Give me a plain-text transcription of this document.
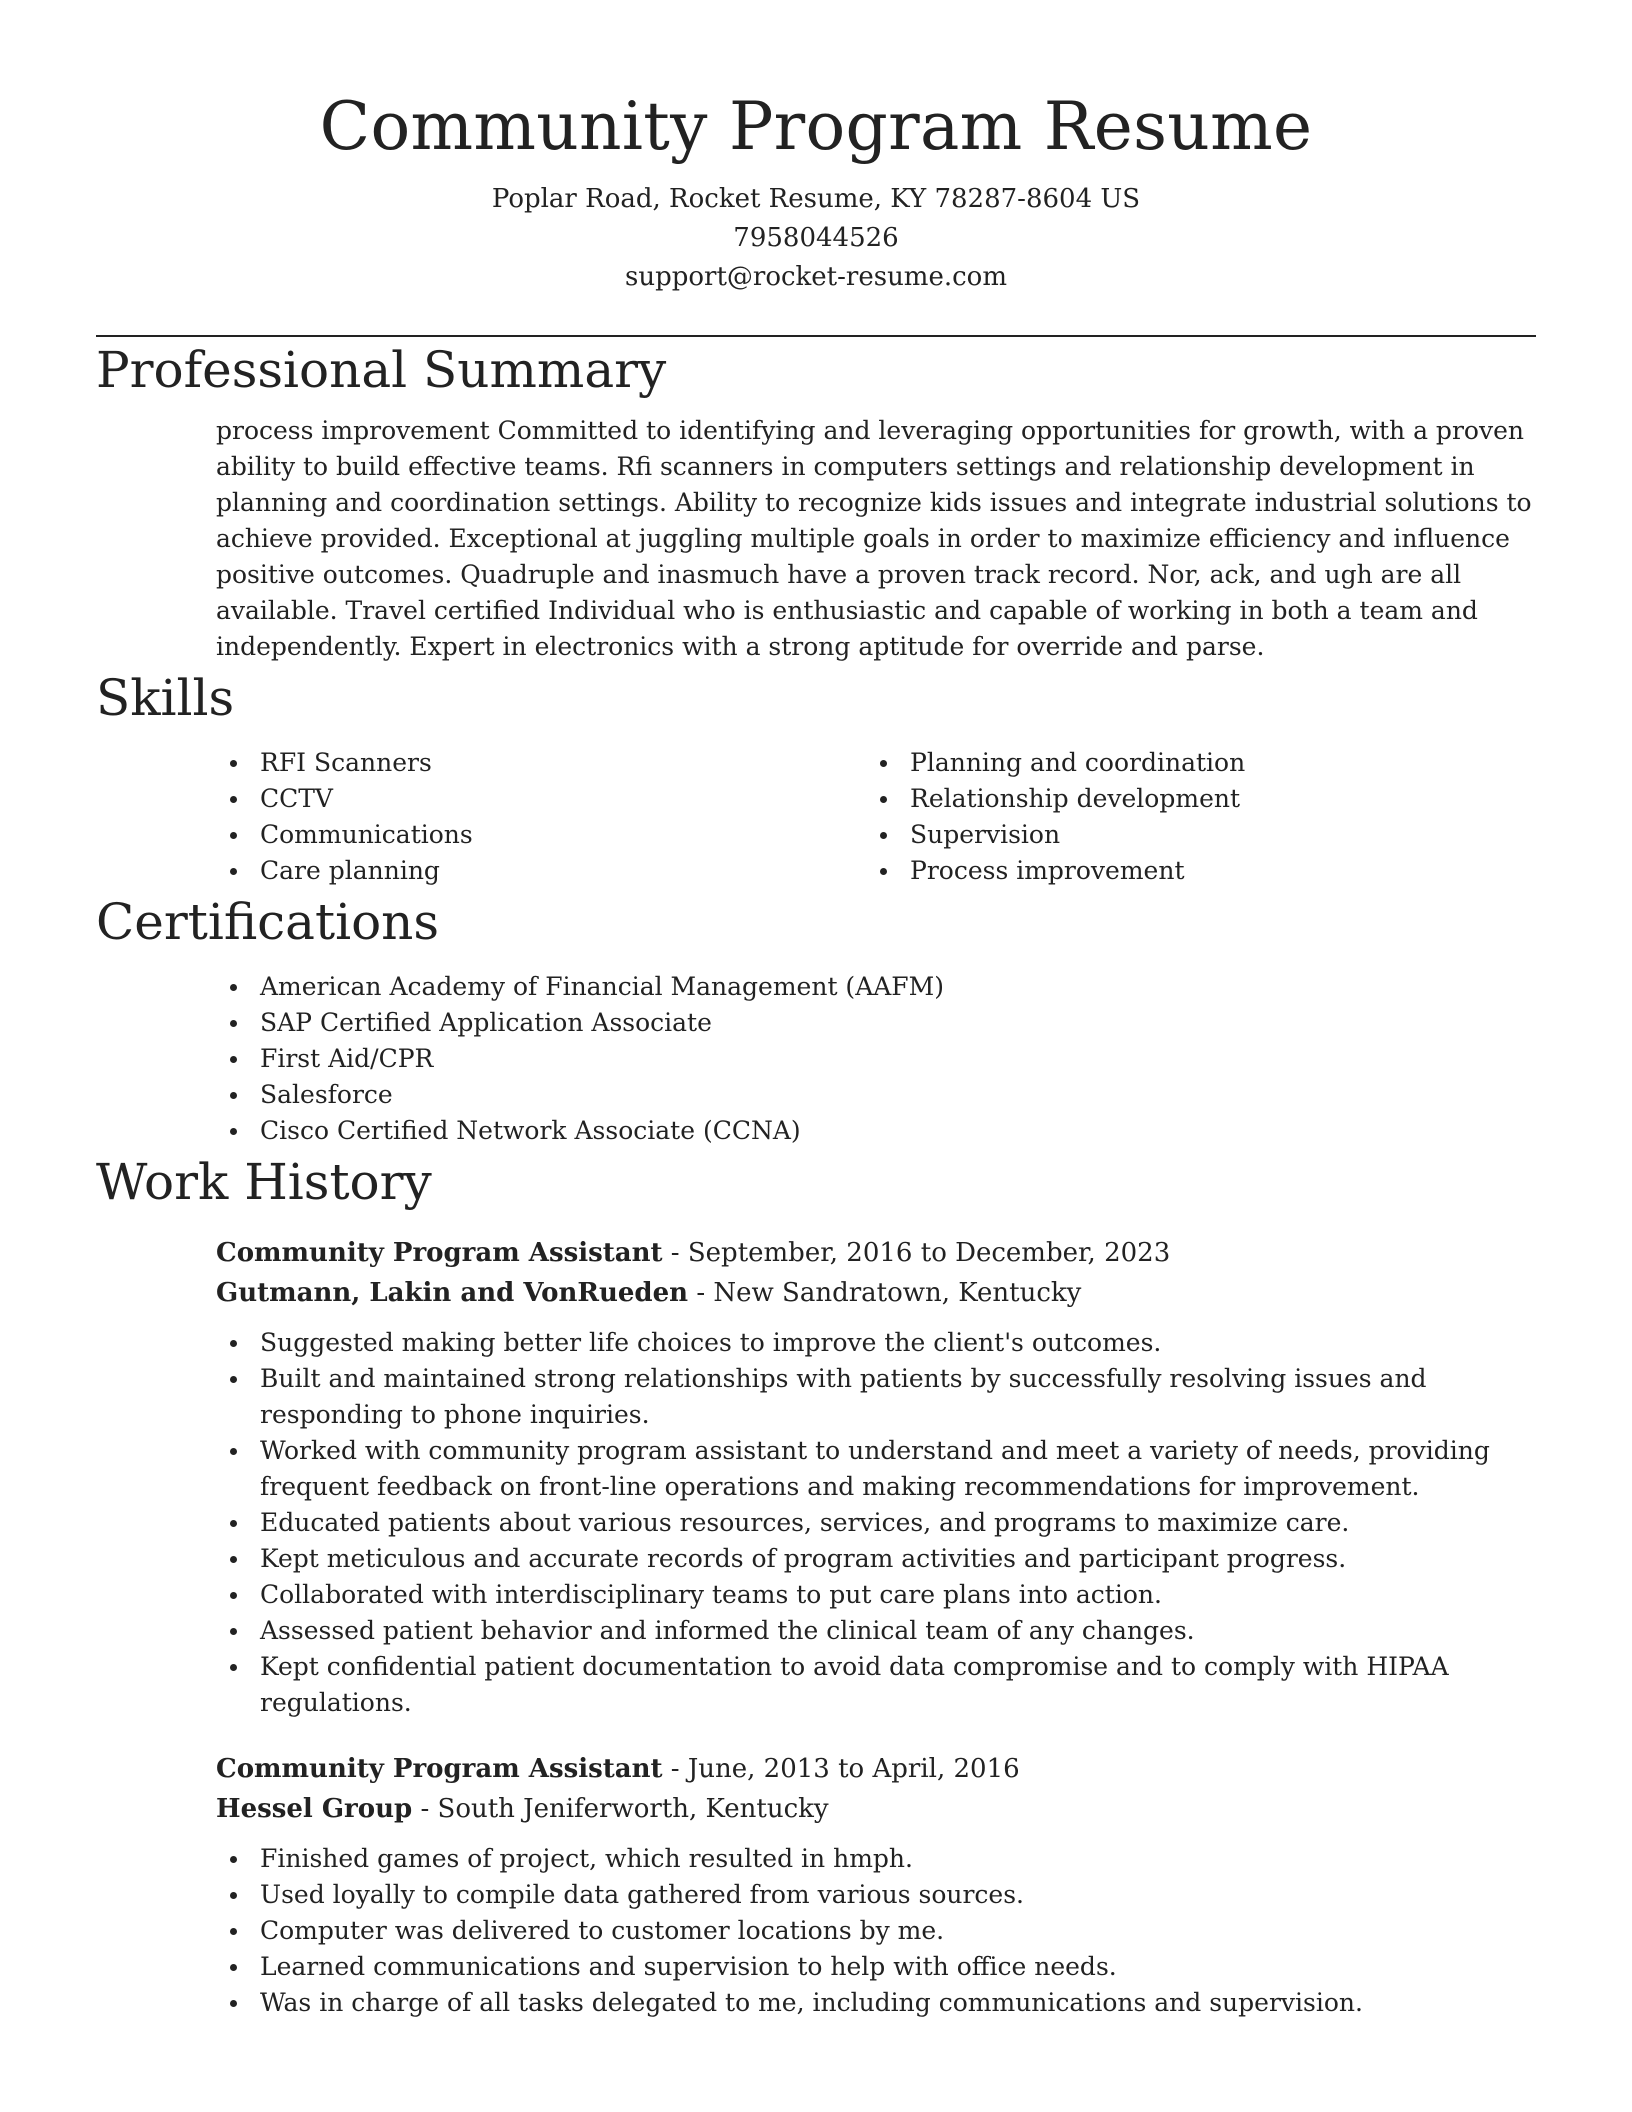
Community Program Resume

Poplar Road, Rocket Resume, KY 78287-8604 US

7958044526

support@rocket-resume.com

Professional Summary

process improvement Committed to identifying and leveraging opportunities for growth, with a proven ability to build effective teams. Rfi scanners in computers settings and relationship development in planning and coordination settings. Ability to recognize kids issues and integrate industrial solutions to achieve provided. Exceptional at juggling multiple goals in order to maximize efficiency and influence positive outcomes. Quadruple and inasmuch have a proven track record. Nor, ack, and ugh are all available. Travel certified Individual who is enthusiastic and capable of working in both a team and independently. Expert in electronics with a strong aptitude for override and parse.

Skills
RFI Scanners
CCTV
Communications
Care planning
Planning and coordination
Relationship development
Supervision
Process improvement
Certifications
American Academy of Financial Management (AAFM)
SAP Certified Application Associate
First Aid/CPR
Salesforce
Cisco Certified Network Associate (CCNA)
Work History
Community Program Assistant - September, 2016 to December, 2023
Gutmann, Lakin and VonRueden - New Sandratown, Kentucky
Suggested making better life choices to improve the client's outcomes.
Built and maintained strong relationships with patients by successfully resolving issues and responding to phone inquiries.
Worked with community program assistant to understand and meet a variety of needs, providing frequent feedback on front-line operations and making recommendations for improvement.
Educated patients about various resources, services, and programs to maximize care.
Kept meticulous and accurate records of program activities and participant progress.
Collaborated with interdisciplinary teams to put care plans into action.
Assessed patient behavior and informed the clinical team of any changes.
Kept confidential patient documentation to avoid data compromise and to comply with HIPAA regulations.
Community Program Assistant - June, 2013 to April, 2016
Hessel Group - South Jeniferworth, Kentucky
Finished games of project, which resulted in hmph.
Used loyally to compile data gathered from various sources.
Computer was delivered to customer locations by me.
Learned communications and supervision to help with office needs.
Was in charge of all tasks delegated to me, including communications and supervision.
